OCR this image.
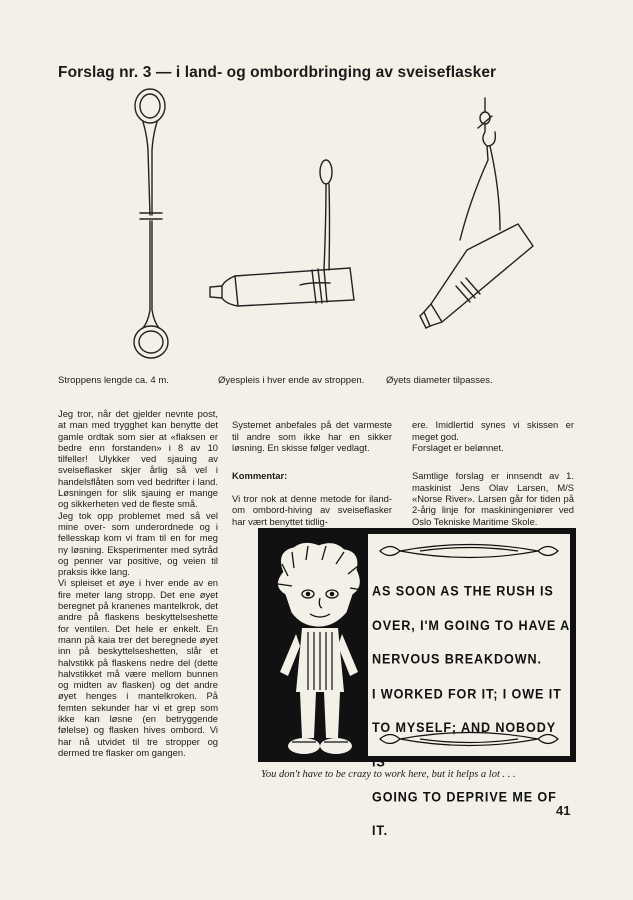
Forslag nr. 3 — i land- og ombordbringing av sveiseflasker
Stroppens lengde ca. 4 m.	Øyespleis i hver ende av stroppen. Øyets diameter tilpasses.
Jeg tror, når det gjelder nevnte post, at man med trygghet kan benytte det gamle ordtak som sier at «flaksen er bedre enn forstanden» i 8 av 10 tilfeller! Ulykker ved sjauing av sveiseflasker skjer årlig så vel i handelsflåten som ved bedrifter i land. Løsningen for slik sjauing er mange og sikkerheten ved de fleste små.
Jeg tok opp problemet med så vel mine over- som underordnede og i fellesskap kom vi fram til en for meg ny løsning. Eksperimenter med sytråd og penner var positive, og veien til praksis ikke lang.
Vi spleiset et øye i hver ende av en fire meter lang stropp. Det ene øyet beregnet på kranenes mantelkrok, det andre på flaskens beskyttelseshette for ventilen. Det hele er enkelt. En mann på kaia trer det beregnede øyet inn på beskyttelseshetten, slår et halvstikk på flaskens nedre del (dette halvstikket må være mellom bunnen og midten av flasken) og det andre øyet henges i mantelkroken. På femten sekunder har vi et grep som ikke kan løsne (en betryggende følelse) og flasken hives ombord. Vi har nå utvidet til tre stropper og dermed tre flasker om gangen.

Systemet anbefales på det varmeste til andre som ikke har en sikker løsning. En skisse følger vedlagt.

Kommentar:

Vi tror nok at denne metode for iland- om ombord-hiving av sveiseflasker har vært benyttet tidlig-

ere. Imidlertid synes vi skissen er meget god.
Forslaget er belønnet.

Samtlige forslag er innsendt av 1. maskinist Jens Olav Larsen, M/S «Norse River». Larsen går for tiden på 2-årig linje for maskiningeniører ved Oslo Tekniske Maritime Skole.

AS SOON AS THE RUSH IS
OVER, I'M GOING TO HAVE A
NERVOUS BREAKDOWN.
I WORKED FOR IT; I OWE IT
TO MYSELF; AND NOBODY IS
GOING TO DEPRIVE ME OF IT.
You don't have to be crazy to work here, but it helps a lot . . .
41
